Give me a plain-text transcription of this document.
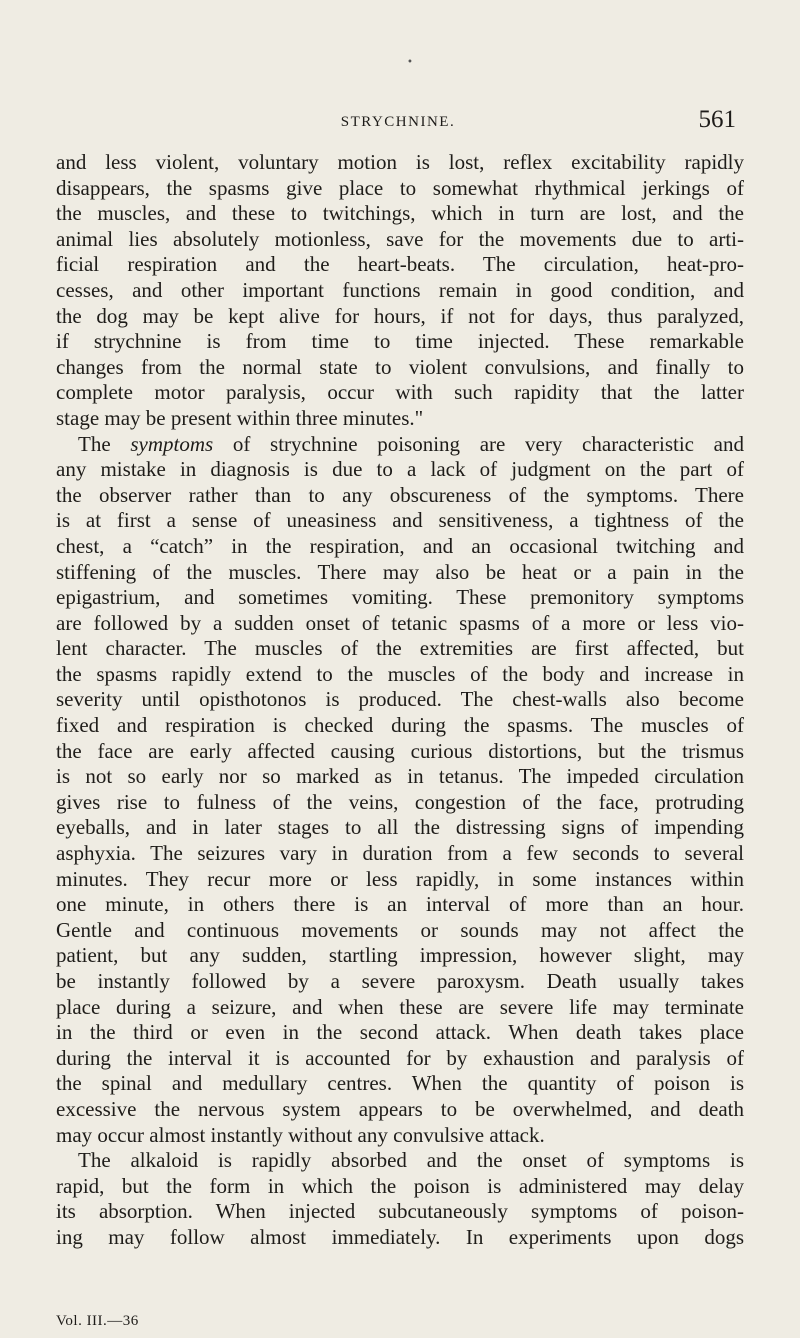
•
STRYCHNINE.	561
and less violent, voluntary motion is lost, reflex excitability rapidly
disappears, the spasms give place to somewhat rhythmical jerkings of
the muscles, and these to twitchings, which in turn are lost, and the
animal lies absolutely motionless, save for the movements due to arti-
ficial respiration and the heart-beats. The circulation, heat-pro-
cesses, and other important functions remain in good condition, and
the dog may be kept alive for hours, if not for days, thus paralyzed,
if strychnine is from time to time injected. These remarkable
changes from the normal state to violent convulsions, and finally to
complete motor paralysis, occur with such rapidity that the latter
stage may be present within three minutes."
The symptoms of strychnine poisoning are very characteristic and
any mistake in diagnosis is due to a lack of judgment on the part of
the observer rather than to any obscureness of the symptoms. There
is at first a sense of uneasiness and sensitiveness, a tightness of the
chest, a “catch” in the respiration, and an occasional twitching and
stiffening of the muscles. There may also be heat or a pain in the
epigastrium, and sometimes vomiting. These premonitory symptoms
are followed by a sudden onset of tetanic spasms of a more or less vio-
lent character. The muscles of the extremities are first affected, but
the spasms rapidly extend to the muscles of the body and increase in
severity until opisthotonos is produced. The chest-walls also become
fixed and respiration is checked during the spasms. The muscles of
the face are early affected causing curious distortions, but the trismus
is not so early nor so marked as in tetanus. The impeded circulation
gives rise to fulness of the veins, congestion of the face, protruding
eyeballs, and in later stages to all the distressing signs of impending
asphyxia. The seizures vary in duration from a few seconds to several
minutes. They recur more or less rapidly, in some instances within
one minute, in others there is an interval of more than an hour.
Gentle and continuous movements or sounds may not affect the
patient, but any sudden, startling impression, however slight, may
be instantly followed by a severe paroxysm. Death usually takes
place during a seizure, and when these are severe life may terminate
in the third or even in the second attack. When death takes place
during the interval it is accounted for by exhaustion and paralysis of
the spinal and medullary centres. When the quantity of poison is
excessive the nervous system appears to be overwhelmed, and death
may occur almost instantly without any convulsive attack.
The alkaloid is rapidly absorbed and the onset of symptoms is
rapid, but the form in which the poison is administered may delay
its absorption. When injected subcutaneously symptoms of poison-
ing may follow almost immediately. In experiments upon dogs
Vol. III.—36
